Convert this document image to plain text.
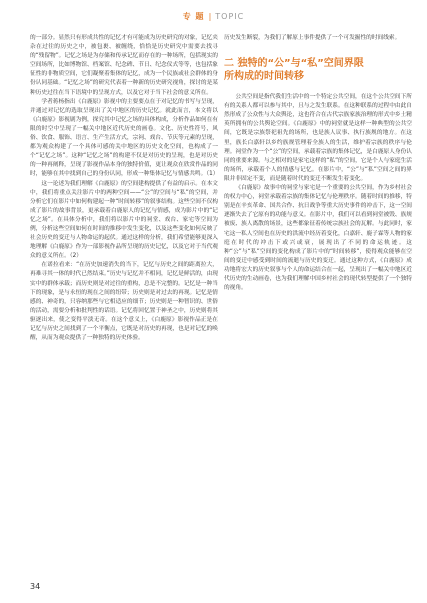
专 题 | TOPIC

的一部分。显然只有形成共性的记忆才有可能成为历史研究的对象，记忆夹杂在过往的历史之中，被包裹、被缠绕，恰恰是历史研究中需要去找寻的“残留物”。记忆之场是为存储和传承记忆而存在的一种场所，包括现实的空间场所，比如博物馆、档案馆、纪念碑、节日、纪念仪式等等，也包括象征性的非物质空间，它们凝聚着集体的记忆，成为一个民族或社会群体的身份认同基础。“记忆之场”的研究代表着一种新的历史研究视角，探讨的是某种历史过往在当下语境中的呈现方式，以及它对于当下社会的意义所在。

学者蒋杨指出《白鹿原》影视中的主要要点在于对记忆的书写与呈现，并通过对记忆的选取呈现出了关中地区的历史记忆。就此而言，本文将以《白鹿原》影视剧为例，探究其中记忆之场的具体构成，分析作品如何在有限的时空中呈现了一幅关中地区近代历史的画卷。文化、历史性符号，风俗、饮食、服饰、语言、生产生活方式，宗祠、戏台、节庆等元素的呈现，都为观众构建了一个具体可感的关中地区的历史文化空间，也构成了一个“记忆之场”。这种“记忆之场”的构建不仅是对历史的呈现，也是对历史的一种再阐释，呈现了影视作品本身的独特价值，更让观众在欣赏作品的同时，能够在其中找到自己的身份认同，形成一种集体记忆与情感共鸣。（1）

这一论述为我们理解《白鹿原》的空间建构提供了有益的启示。在本文中，我们将重点关注影片中的两种空间——“公”的空间与“私”的空间，并分析它们在影片中如何构建起一种“时间转移”的叙事结构。这些空间不仅构成了影片的故事背景，更承载着白鹿原人的记忆与情感，成为影片中的“记忆之场”。在具体分析中，我们将以影片中的祠堂、戏台、家宅等空间为例，分析这些空间如何在时间的推移中发生变化，以及这些变化如何反映了社会历史的变迁与人物命运的起伏。通过这样的分析，我们希望能够更深入地理解《白鹿原》作为一部影视作品所呈现的历史记忆，以及它对于当代观众的意义所在。（2）

在诺拉看来：“在历史加速消失的当下，记忆与历史之间的距离拉大，再难寻其一体的时代已然结束。”历史与记忆并不相同，记忆是鲜活的，由现实中的群体承载；而历史则是对过往的重构，总是不完整的。记忆是一种当下的现象，是与永恒的现在之间的纽带；历史则是对过去的再现。记忆是情感的、神奇的，只容纳那些与它相适应的细节；历史则是一种智识的、世俗的活动，需要分析和批判性的话语。记忆将回忆置于神圣之中，历史则将其驱逐出来，使之变得平淡无奇。在这个意义上，《白鹿原》影视作品正是在记忆与历史之间找到了一个平衡点，它既是对历史的再现，也是对记忆的唤醒，从而为观众提供了一种独特的历史体验。

历史发生断裂，为我们了解原上事件提供了一个可发掘性的时间线索。

二 独特的“公”与“私”空间界限
所构成的时间转移

公共空间是指代我们生活中的一个特定公共空间，在这个公共空间下所有的关系人都可以参与其中，且与之发生联系。在这种联系的过程中由此自然形成了公众性与大众舆论，这也符合在古代宗族家族治理的形式中乡土精英所拥有的公共舆论空间。《白鹿原》中的祠堂就是这样一种典型的公共空间，它既是宗族祭祀祖先的场所，也是族人议事、执行族规的地方。在这里，族长白嘉轩以乡约族规管理着全族人的生活，维护着宗族的秩序与伦理。祠堂作为一个“公”的空间，承载着宗族的集体记忆，是白鹿原人身份认同的重要来源。与之相对的是家宅这样的“私”的空间，它是个人与家庭生活的场所，承载着个人的情感与记忆。在影片中，“公”与“私”空间之间的界限并非固定不变，而是随着时代的变迁不断发生着变化。

《白鹿原》故事中的祠堂与家宅是一个重要的公共空间，作为乡村社会的权力中心，祠堂承载着宗族的集体记忆与伦理秩序。随着时间的推移，特别是在辛亥革命、国共合作、抗日战争等重大历史事件的冲击下，这一空间逐渐失去了它原有的功能与意义。在影片中，我们可以看到祠堂被毁、族规被废、族人离散的场景，这些都象征着传统宗族社会的瓦解。与此同时，家宅这一私人空间也在历史的洪流中经历着变化，白嘉轩、鹿子霖等人物的家庭在时代的冲击下或兴或衰，展现出了不同的命运轨迹。这种“公”与“私”空间的变化构成了影片中的“时间转移”，使得观众能够在空间的变迁中感受到时间的流逝与历史的变迁。通过这种方式，《白鹿原》成功地将宏大的历史叙事与个人的命运结合在一起，呈现出了一幅关中地区近代历史的生动画卷，也为我们理解中国乡村社会的现代转型提供了一个独特的视角。

34
